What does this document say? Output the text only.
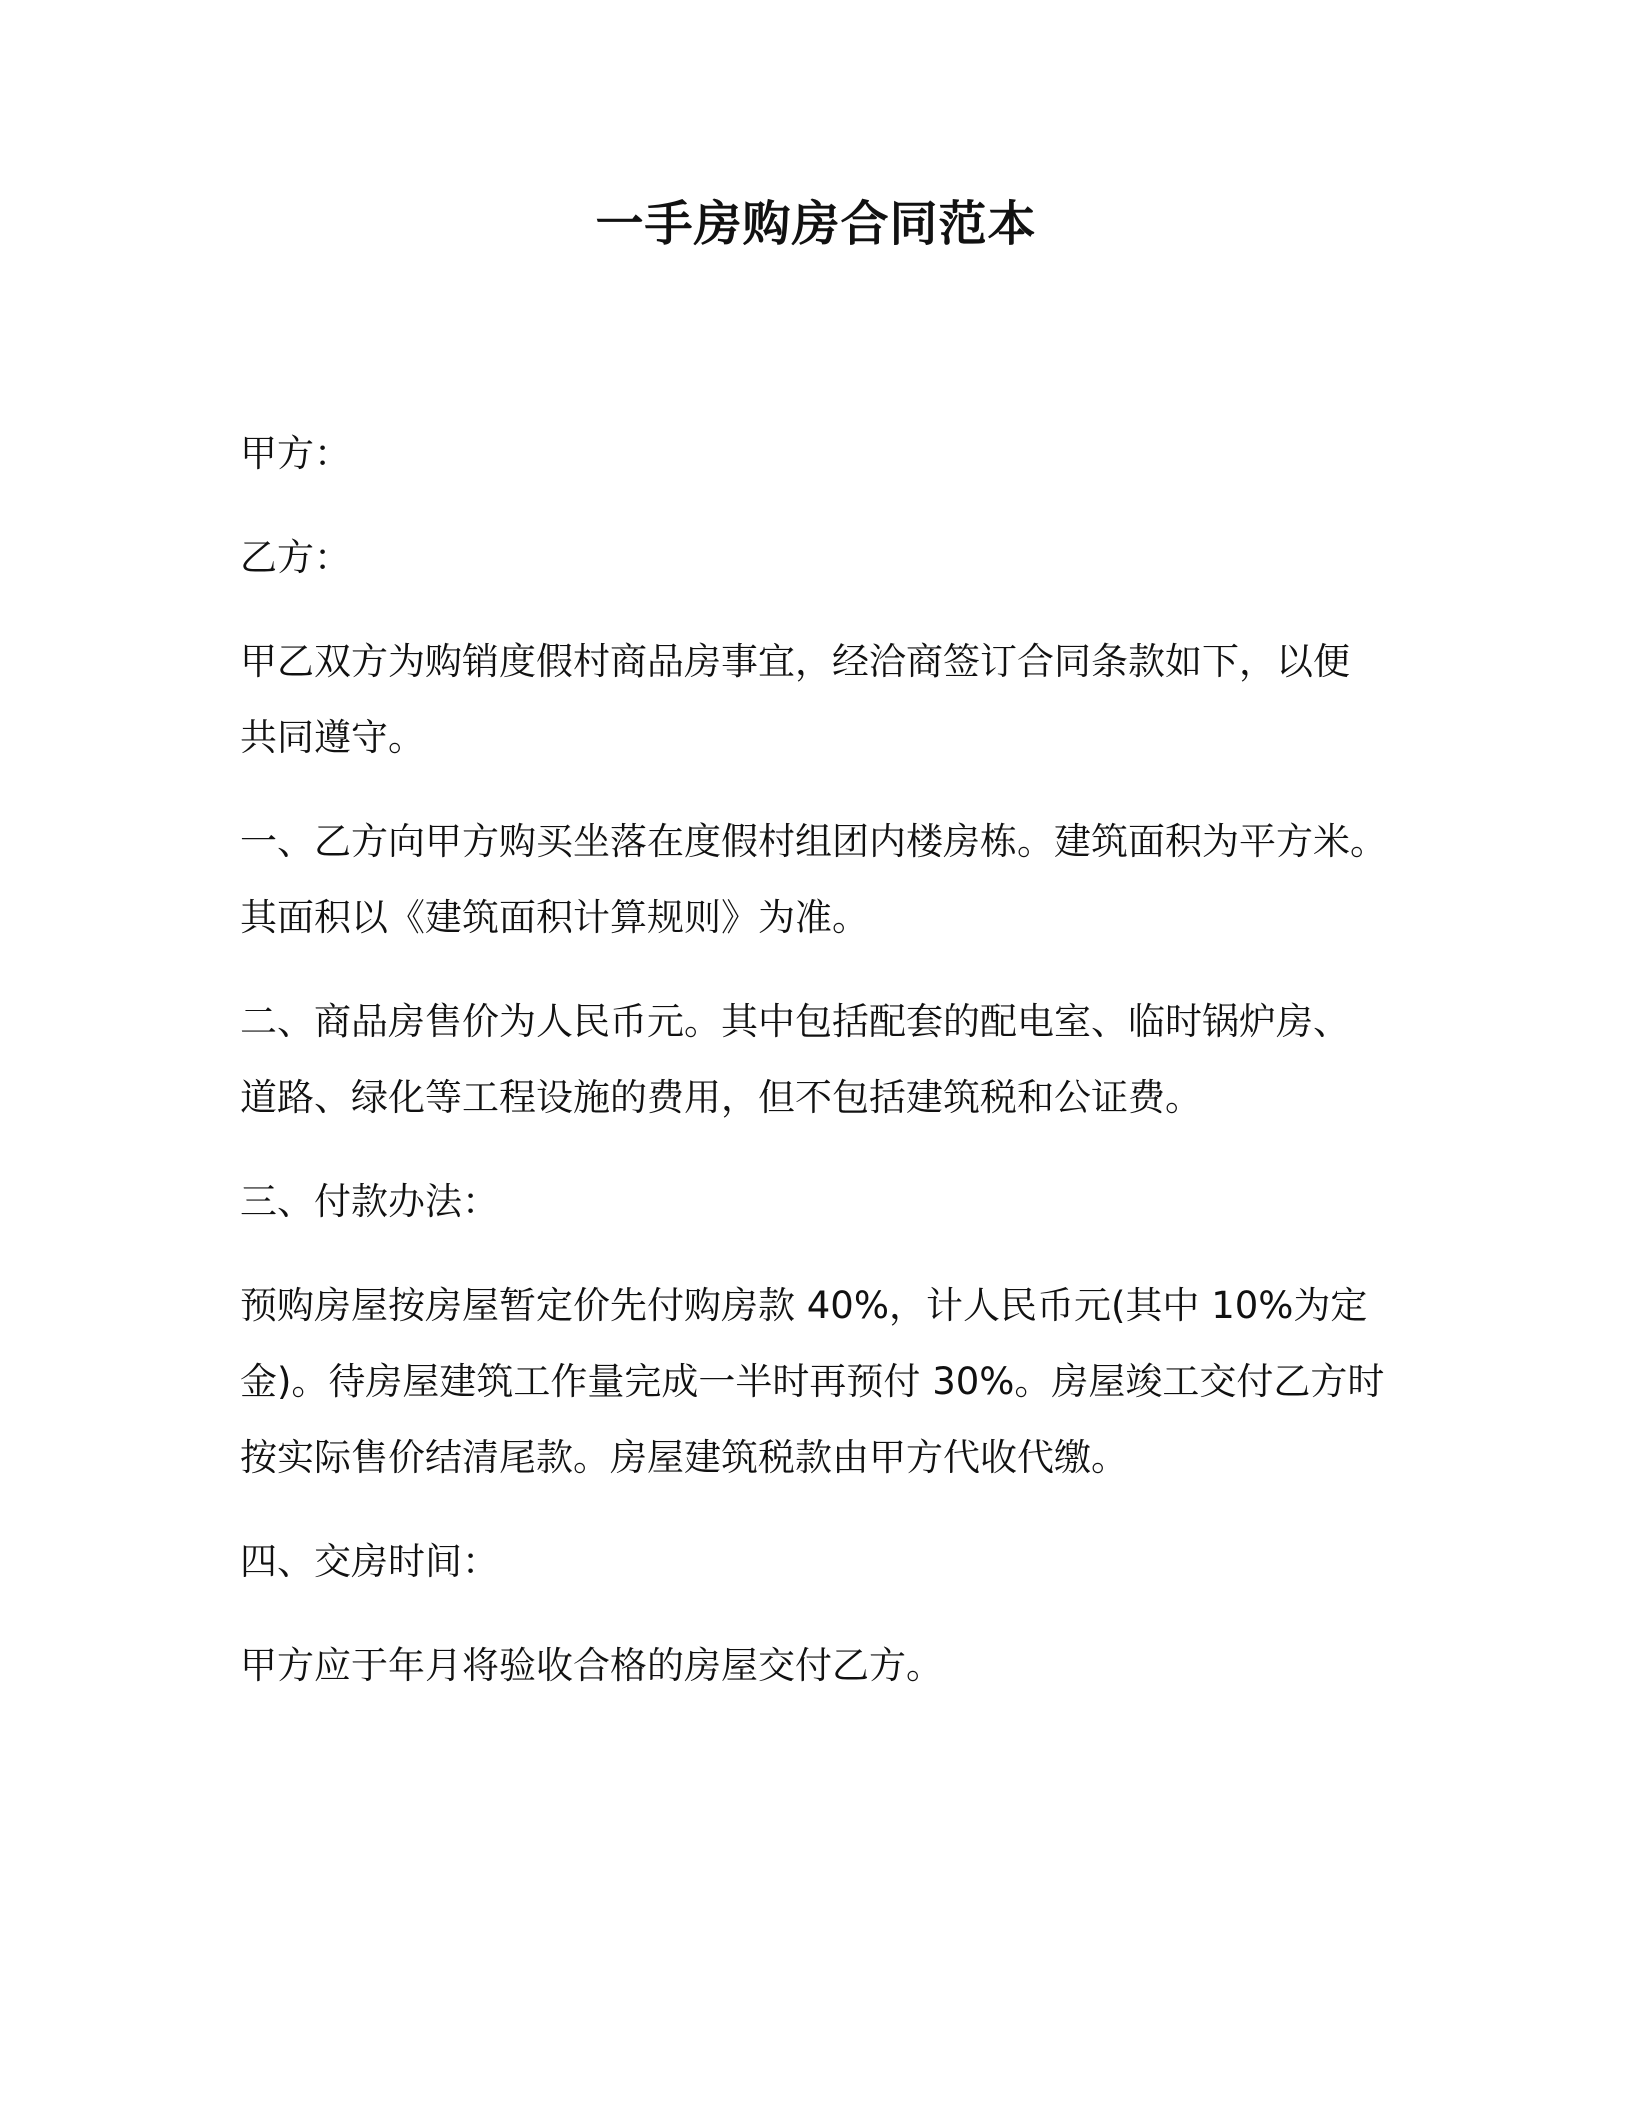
一手房购房合同范本

甲方：

乙方：

甲乙双方为购销度假村商品房事宜，经洽商签订合同条款如下，以便
共同遵守。

一、乙方向甲方购买坐落在度假村组团内楼房栋。建筑面积为平方米。
其面积以《建筑面积计算规则》为准。

二、商品房售价为人民币元。其中包括配套的配电室、临时锅炉房、
道路、绿化等工程设施的费用，但不包括建筑税和公证费。

三、付款办法：

预购房屋按房屋暂定价先付购房款 40%，计人民币元(其中 10%为定
金)。待房屋建筑工作量完成一半时再预付 30%。房屋竣工交付乙方时
按实际售价结清尾款。房屋建筑税款由甲方代收代缴。

四、交房时间：

甲方应于年月将验收合格的房屋交付乙方。
